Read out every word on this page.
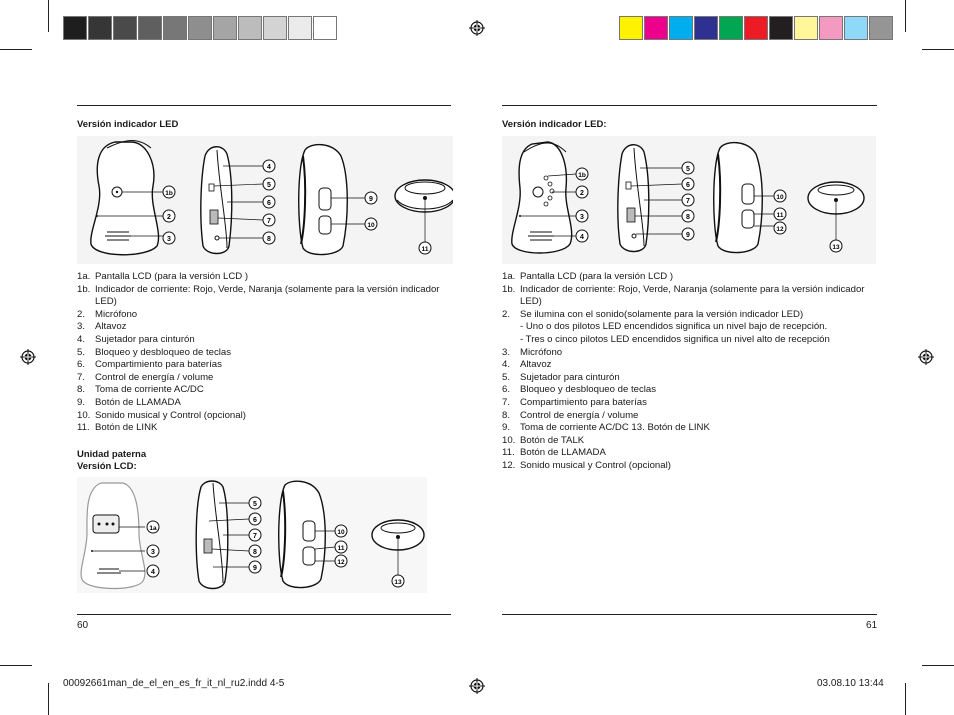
Versión indicador LED
1b
2
3
4
5
6
7
8
9
10
11
1a. Pantalla LCD (para la versión LCD )
1b. Indicador de corriente: Rojo, Verde, Naranja (solamente para la versión indicador LED)
2. Micrófono
3. Altavoz
4. Sujetador para cinturón
5. Bloqueo y desbloqueo de teclas
6. Compartimiento para baterías
7. Control de energía / volume
8. Toma de corriente AC/DC
9. Botón de LLAMADA
10. Sonido musical y Control (opcional)
11. Botón de LINK
Unidad paterna
Versión LCD:
1a
3
4
5
6
7
8
9
10
11
12
13
60
Versión indicador LED:
1b
2
3
4
5
6
7
8
9
10
11
12
13
1a. Pantalla LCD (para la versión LCD )
1b. Indicador de corriente: Rojo, Verde, Naranja (solamente para la versión indicador LED)
2. Se ilumina con el sonido(solamente para la versión indicador LED)
- Uno o dos pilotos LED encendidos significa un nivel bajo de recepción.
- Tres o cinco pilotos LED encendidos significa un nivel alto de recepción
3. Micrófono
4. Altavoz
5. Sujetador para cinturón
6. Bloqueo y desbloqueo de teclas
7. Compartimiento para baterías
8. Control de energía / volume
9. Toma de corriente AC/DC 13. Botón de LINK
10. Botón de TALK
11. Botón de LLAMADA
12. Sonido musical y Control (opcional)
61
00092661man_de_el_en_es_fr_it_nl_ru2.indd 4-5	03.08.10 13:44
